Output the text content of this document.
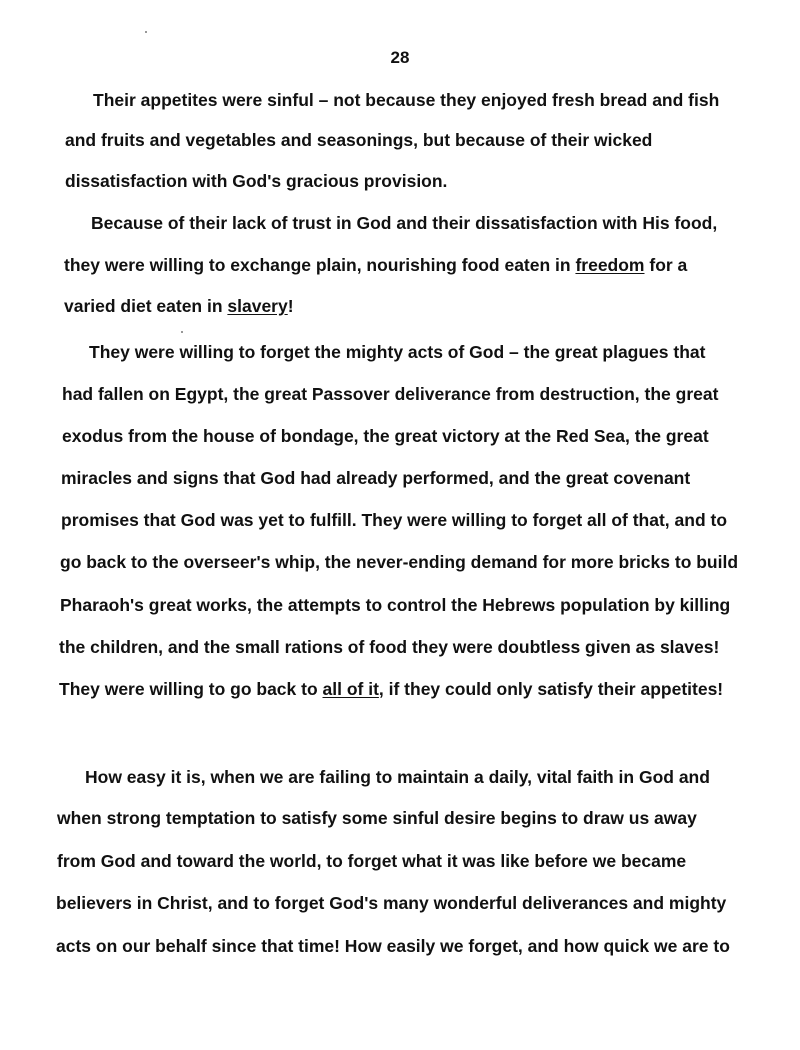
28

Their appetites were sinful – not because they enjoyed fresh bread and fish

and fruits and vegetables and seasonings, but because of their wicked

dissatisfaction with God's gracious provision.

Because of their lack of trust in God and their dissatisfaction with His food,

they were willing to exchange plain, nourishing food eaten in freedom for a

varied diet eaten in slavery!

They were willing to forget the mighty acts of God – the great plagues that

had fallen on Egypt, the great Passover deliverance from destruction, the great

exodus from the house of bondage, the great victory at the Red Sea, the great

miracles and signs that God had already performed, and the great covenant

promises that God was yet to fulfill. They were willing to forget all of that, and to

go back to the overseer's whip, the never-ending demand for more bricks to build

Pharaoh's great works, the attempts to control the Hebrews population by killing

the children, and the small rations of food they were doubtless given as slaves!

They were willing to go back to all of it, if they could only satisfy their appetites!

How easy it is, when we are failing to maintain a daily, vital faith in God and

when strong temptation to satisfy some sinful desire begins to draw us away

from God and toward the world, to forget what it was like before we became

believers in Christ, and to forget God's many wonderful deliverances and mighty

acts on our behalf since that time! How easily we forget, and how quick we are to
